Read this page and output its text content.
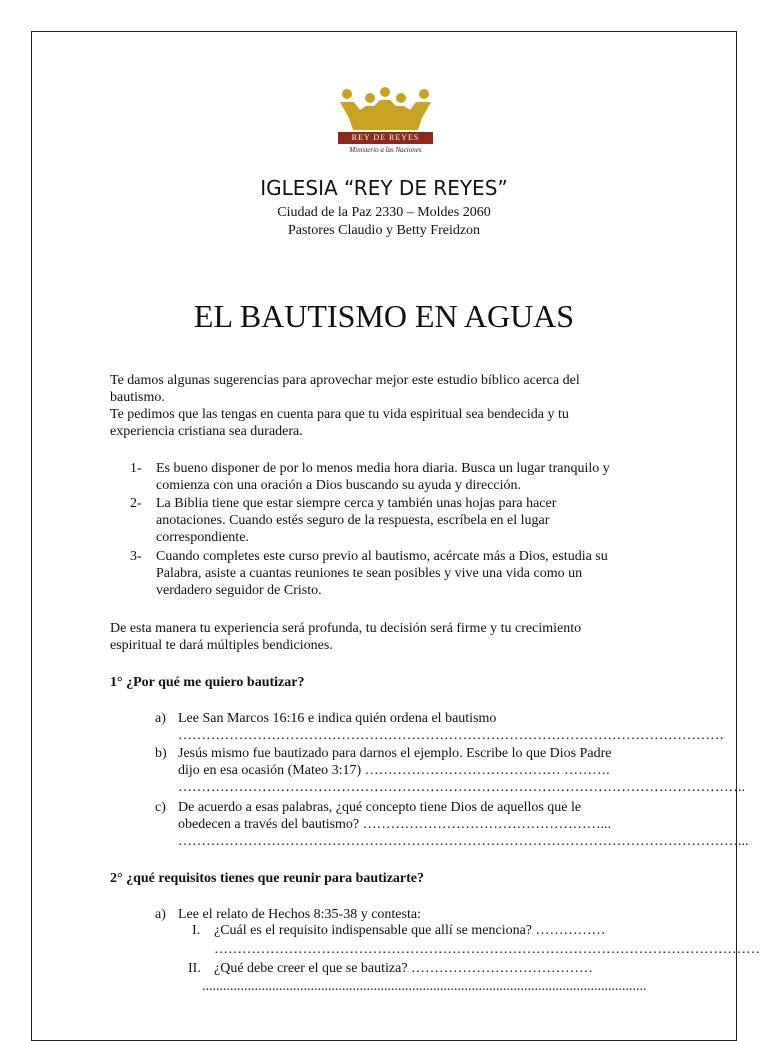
REY DE REYES
Ministerio a las Naciones
IGLESIA “REY DE REYES”
Ciudad de la Paz 2330 – Moldes 2060
Pastores Claudio y Betty Freidzon
EL BAUTISMO EN AGUAS
Te damos algunas sugerencias para aprovechar mejor este estudio bíblico acerca del
bautismo.
Te pedimos que las tengas en cuenta para que tu vida espiritual sea bendecida y tu
experiencia cristiana sea duradera.
1- Es bueno disponer de por lo menos media hora diaria. Busca un lugar tranquilo y
comienza con una oración a Dios buscando su ayuda y dirección.
2- La Biblia tiene que estar siempre cerca y también unas hojas para hacer
anotaciones. Cuando estés seguro de la respuesta, escríbela en el lugar
correspondiente.
3- Cuando completes este curso previo al bautismo, acércate más a Dios, estudia su
Palabra, asiste a cuantas reuniones te sean posibles y vive una vida como un
verdadero seguidor de Cristo.
De esta manera tu experiencia será profunda, tu decisión será firme y tu crecimiento
espiritual te dará múltiples bendiciones.
1° ¿Por qué me quiero bautizar?
a) Lee San Marcos 16:16 e indica quién ordena el bautismo
………………………………………………………………………………………………………
b) Jesús mismo fue bautizado para darnos el ejemplo. Escribe lo que Dios Padre
dijo en esa ocasión (Mateo 3:17) …………………………………… ……….
…………………………………………………………………………………………………………..
c) De acuerdo a esas palabras, ¿qué concepto tiene Dios de aquellos que le
obedecen a través del bautismo? ……………………………………………...
…………………………………………………………………………………………………………...
2° ¿qué requisitos tienes que reunir para bautizarte?
a) Lee el relato de Hechos 8:35-38 y contesta:
I. ¿Cuál es el requisito indispensable que allí se menciona? ……………
………………………………………………………………………………………………………
II. ¿Qué debe creer el que se bautiza? …………………………………
...............................................................................................................................
